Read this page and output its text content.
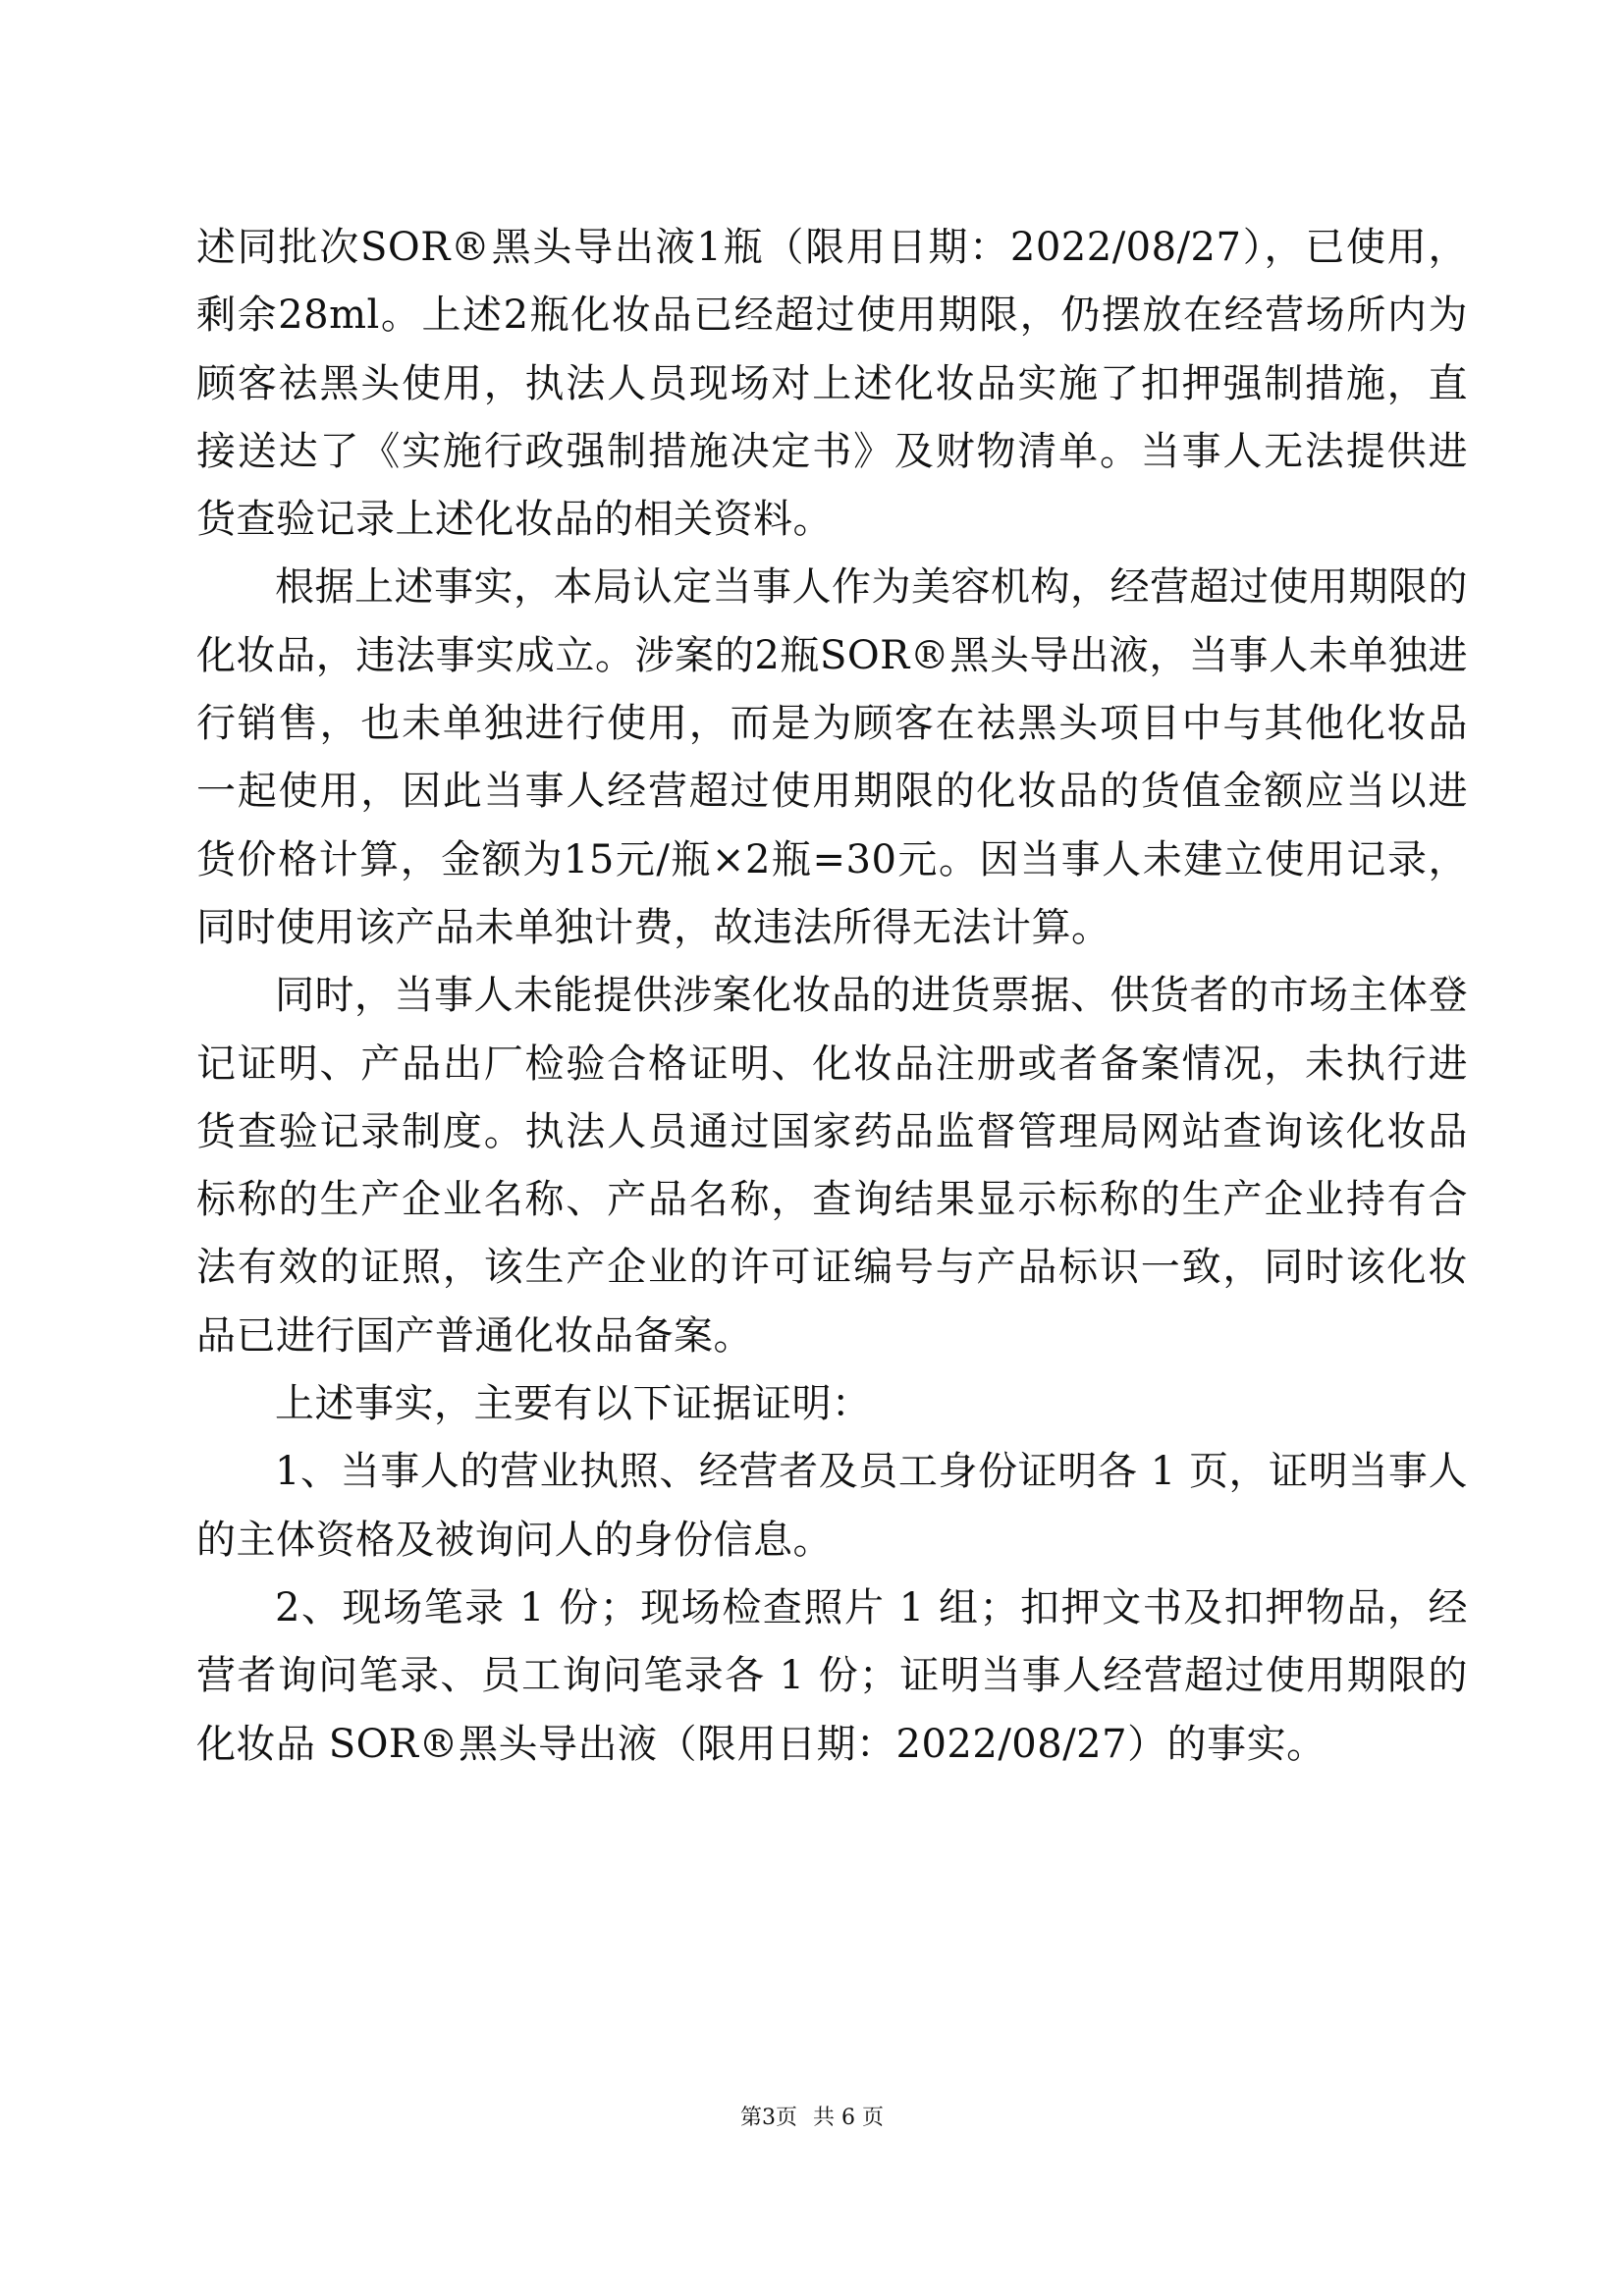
述同批次SOR®黑头导出液1瓶（限用日期：2022/08/27），已使用，剩余28ml。上述2瓶化妆品已经超过使用期限，仍摆放在经营场所内为顾客祛黑头使用，执法人员现场对上述化妆品实施了扣押强制措施，直接送达了《实施行政强制措施决定书》及财物清单。当事人无法提供进货查验记录上述化妆品的相关资料。

根据上述事实，本局认定当事人作为美容机构，经营超过使用期限的化妆品，违法事实成立。涉案的2瓶SOR®黑头导出液，当事人未单独进行销售，也未单独进行使用，而是为顾客在祛黑头项目中与其他化妆品一起使用，因此当事人经营超过使用期限的化妆品的货值金额应当以进货价格计算，金额为15元/瓶×2瓶=30元。因当事人未建立使用记录，同时使用该产品未单独计费，故违法所得无法计算。

同时，当事人未能提供涉案化妆品的进货票据、供货者的市场主体登记证明、产品出厂检验合格证明、化妆品注册或者备案情况，未执行进货查验记录制度。执法人员通过国家药品监督管理局网站查询该化妆品标称的生产企业名称、产品名称，查询结果显示标称的生产企业持有合法有效的证照，该生产企业的许可证编号与产品标识一致，同时该化妆品已进行国产普通化妆品备案。

上述事实，主要有以下证据证明：

1、当事人的营业执照、经营者及员工身份证明各 1 页，证明当事人的主体资格及被询问人的身份信息。

2、现场笔录 1 份；现场检查照片 1 组；扣押文书及扣押物品，经营者询问笔录、员工询问笔录各 1 份；证明当事人经营超过使用期限的化妆品 SOR®黑头导出液（限用日期：2022/08/27）的事实。

第3页 共 6 页
